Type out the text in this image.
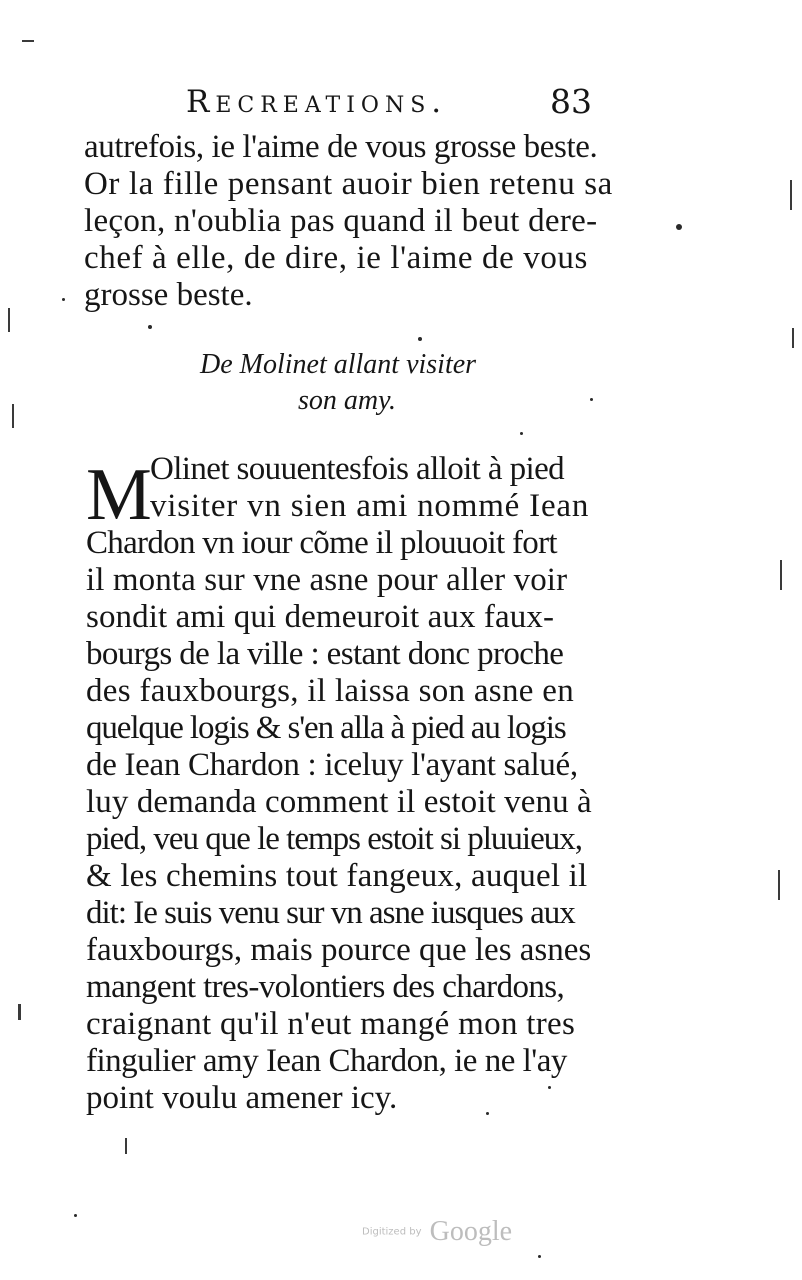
Recreations.	83
autrefois, ie l'aime de vous grosse beste.
Or la fille pensant auoir bien retenu sa
leçon, n'oublia pas quand il beut dere-
chef à elle, de dire, ie l'aime de vous
grosse beste.
De Molinet allant visiter
son amy.
M
Olinet souuentesfois alloit à pied
visiter vn sien ami nommé Iean
Chardon vn iour cõme il plouuoit fort
il monta sur vne asne pour aller voir
sondit ami qui demeuroit aux faux-
bourgs de la ville : estant donc proche
des fauxbourgs, il laissa son asne en
quelque logis & s'en alla à pied au logis
de Iean Chardon : iceluy l'ayant salué,
luy demanda comment il estoit venu à
pied, veu que le temps estoit si pluuieux,
& les chemins tout fangeux, auquel il
dit: Ie suis venu sur vn asne iusques aux
fauxbourgs, mais pource que les asnes
mangent tres-volontiers des chardons,
craignant qu'il n'eut mangé mon tres
fingulier amy Iean Chardon, ie ne l'ay
point voulu amener icy.
Digitized by Google
